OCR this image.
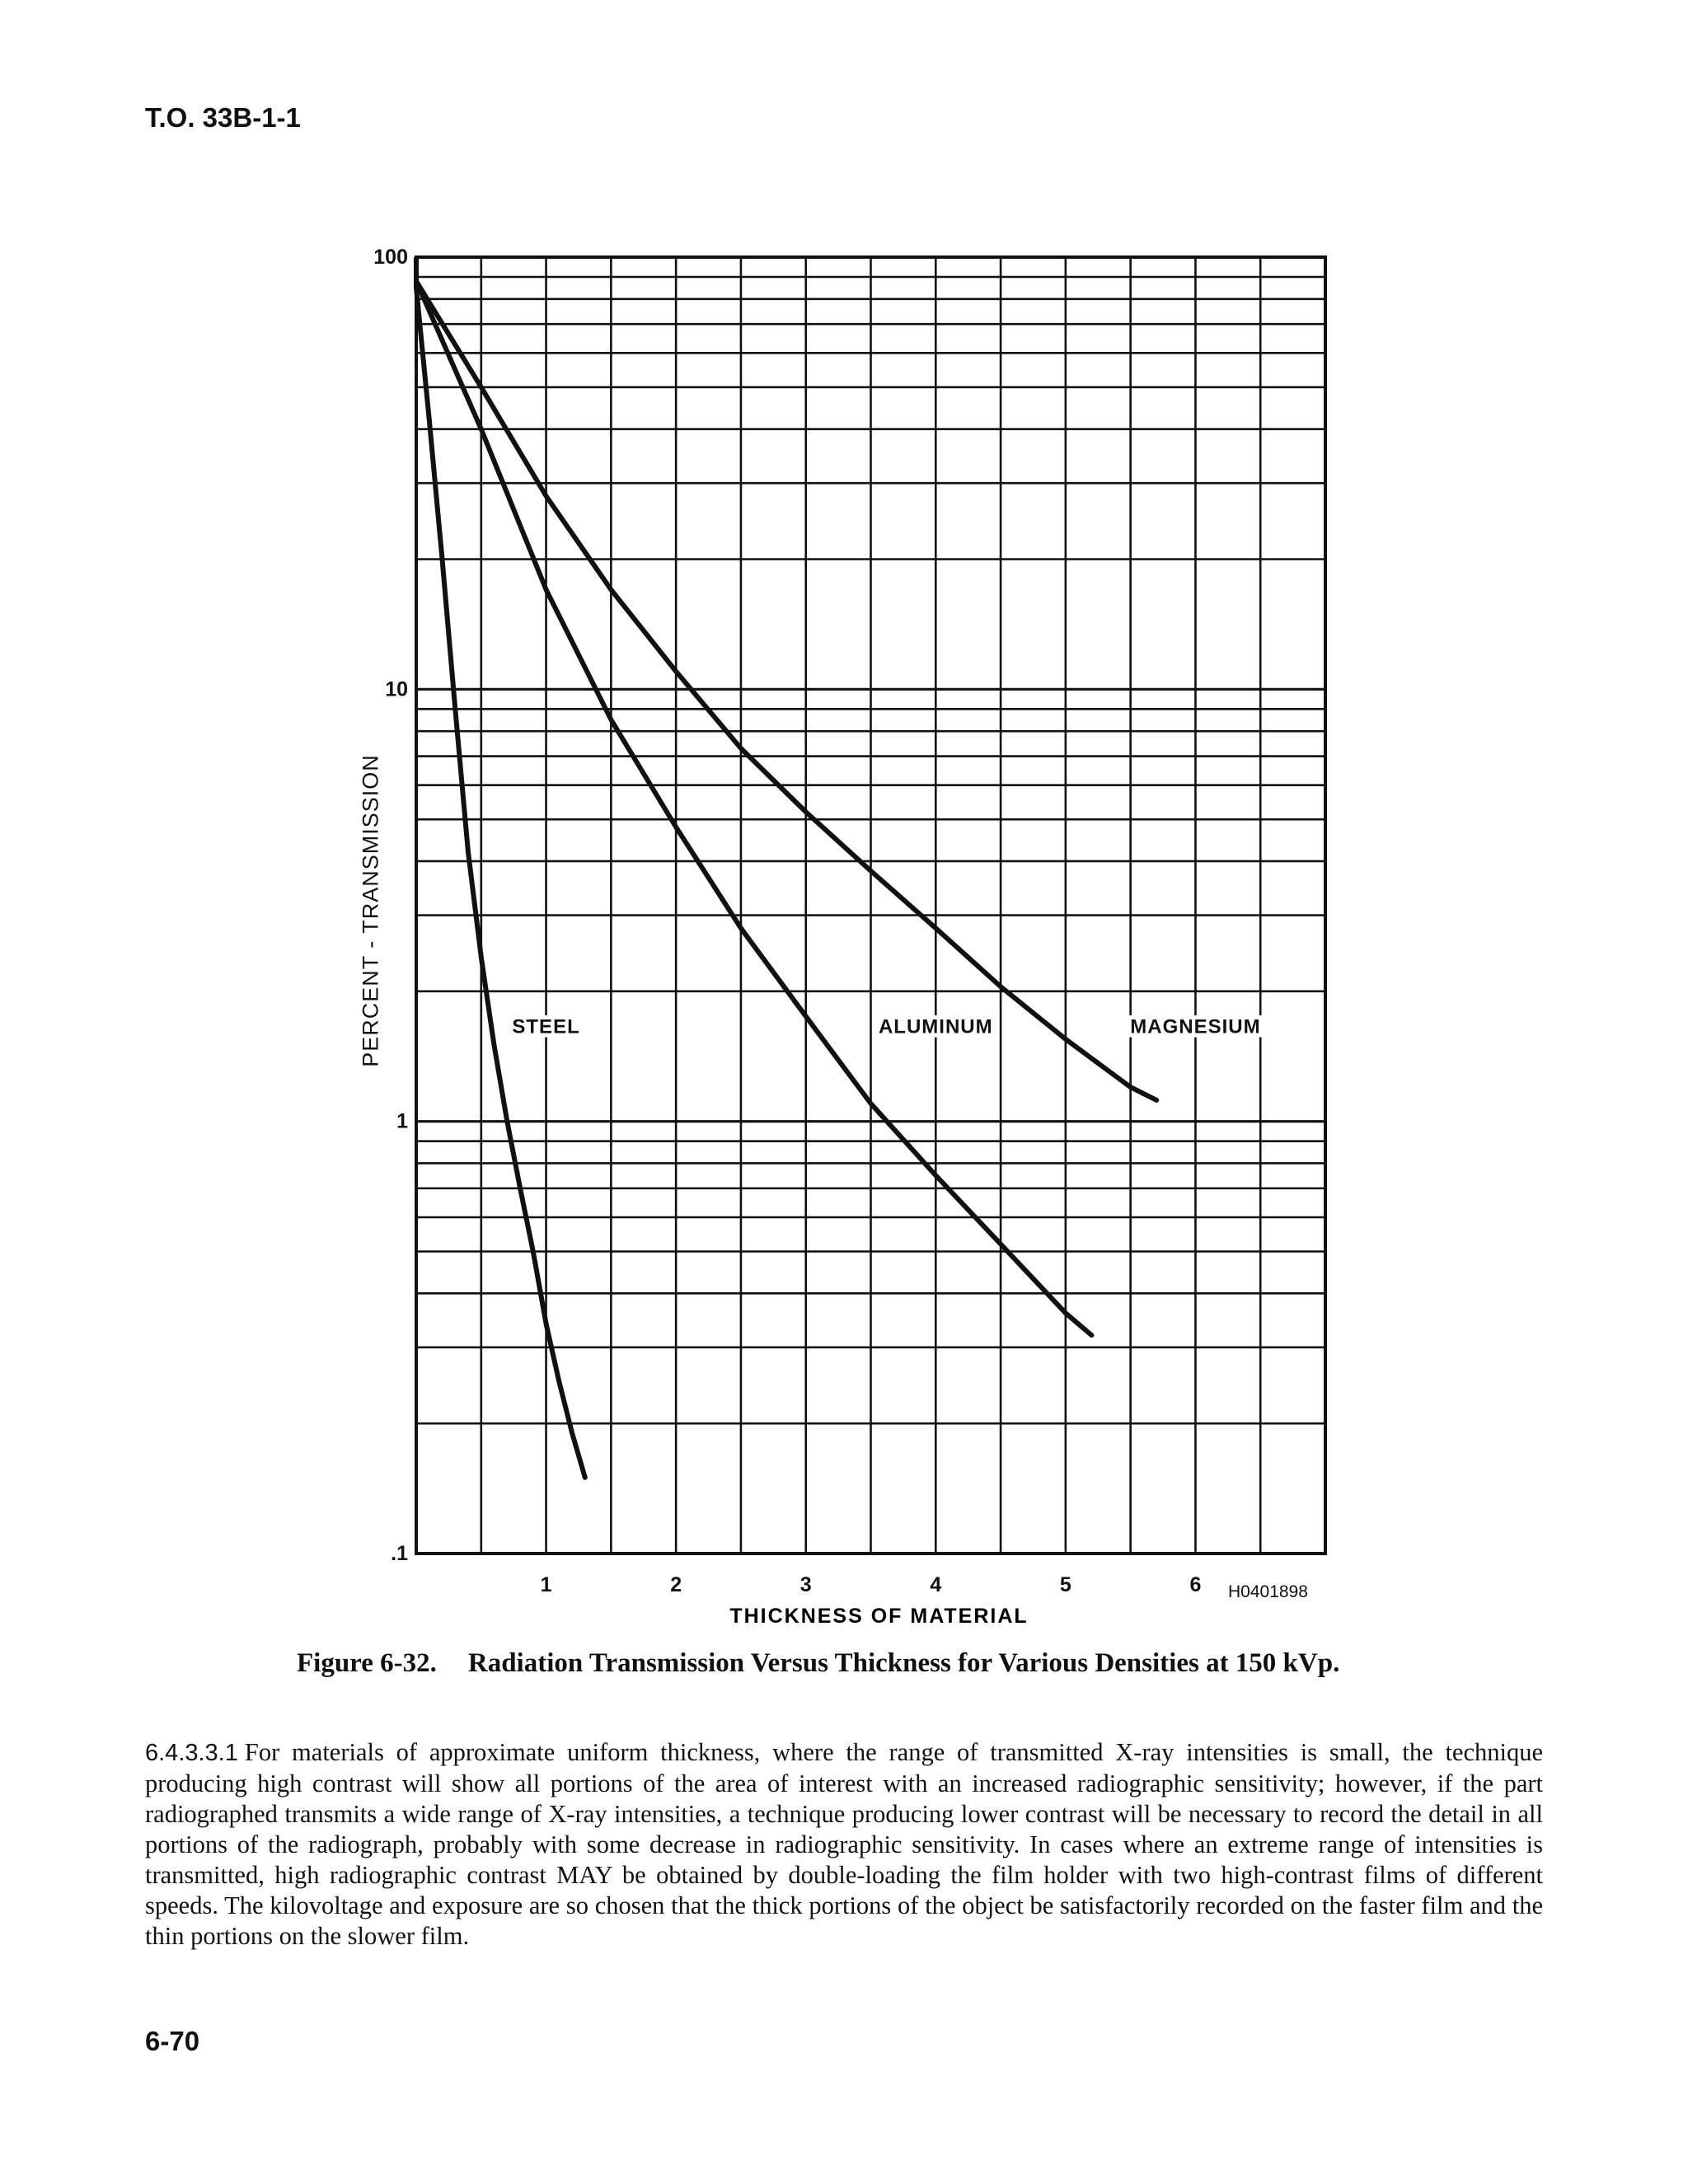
T.O. 33B-1-1
1	2	3	4	5	6
.1
1
10
100
STEEL	ALUMINUM	MAGNESIUM
THICKNESS OF MATERIAL
PERCENT - TRANSMISSION
H0401898
Figure 6-32. Radiation Transmission Versus Thickness for Various Densities at 150 kVp.
6.4.3.3.1 For materials of approximate uniform thickness, where the range of transmitted X-ray intensities is small, the technique producing high contrast will show all portions of the area of interest with an increased radiographic sensitivity; however, if the part radiographed transmits a wide range of X-ray intensities, a technique producing lower contrast will be necessary to record the detail in all portions of the radiograph, probably with some decrease in radiographic sensitivity. In cases where an extreme range of intensities is transmitted, high radiographic contrast MAY be obtained by double-loading the film holder with two high-contrast films of different speeds. The kilovoltage and exposure are so chosen that the thick portions of the object be satisfactorily recorded on the faster film and the thin portions on the slower film.
6-70
